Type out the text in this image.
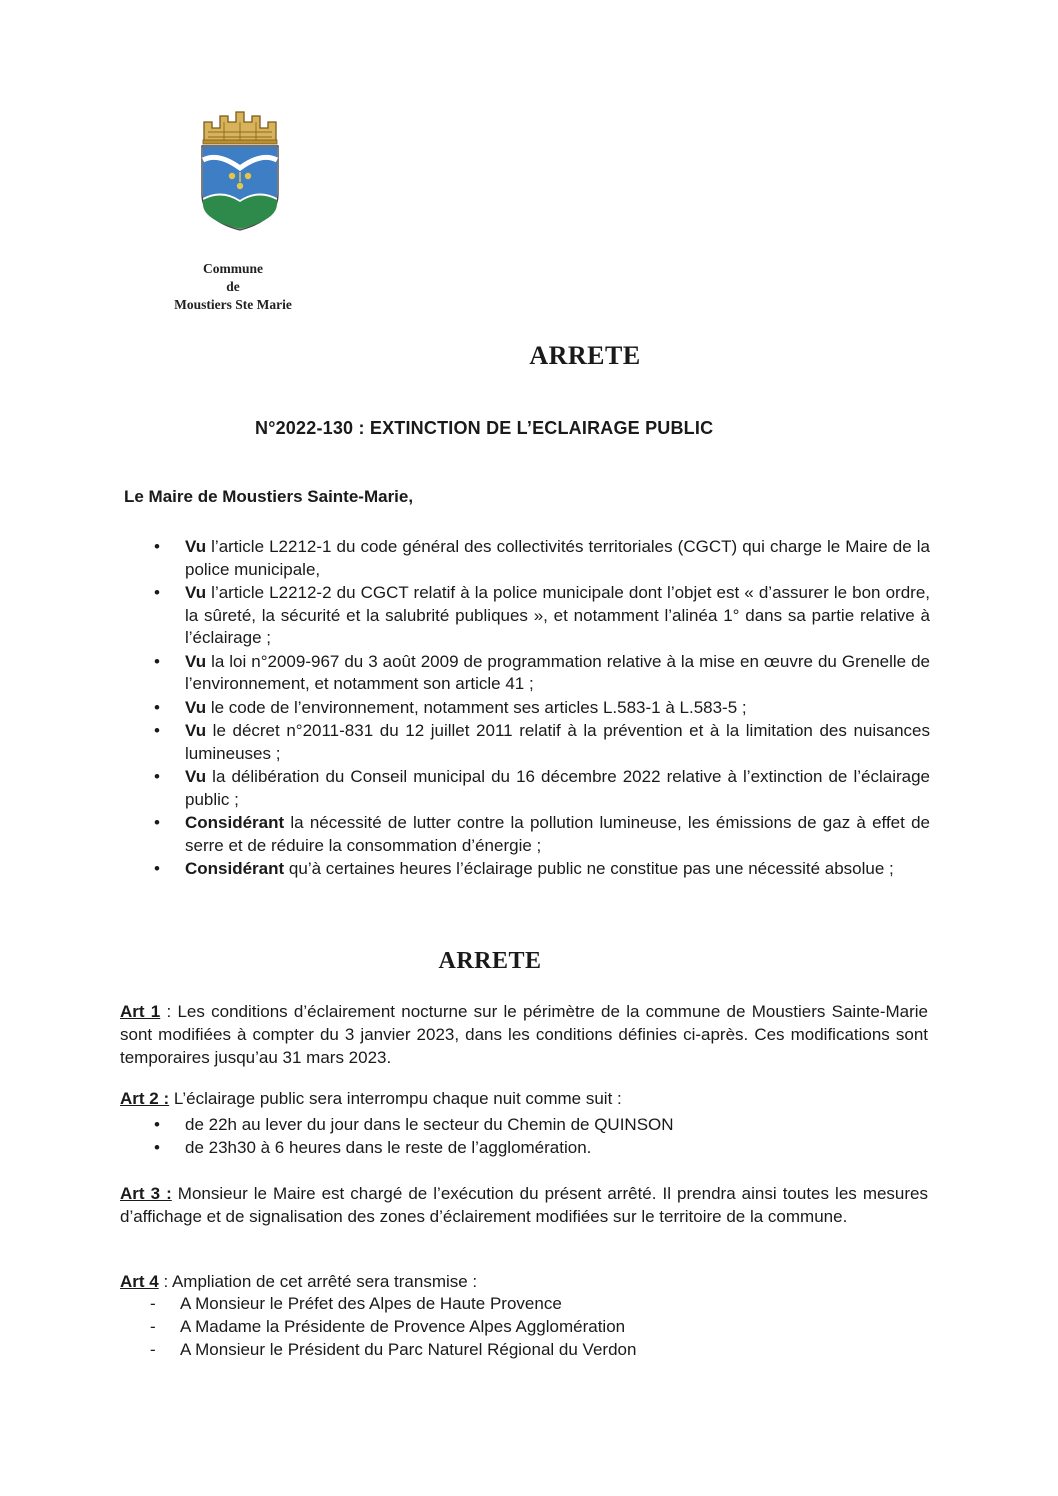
Commune
de
Moustiers Ste Marie
ARRETE
N°2022-130 : EXTINCTION DE L’ECLAIRAGE PUBLIC
Le Maire de Moustiers Sainte-Marie,
• Vu l’article L2212-1 du code général des collectivités territoriales (CGCT) qui charge le Maire de la police municipale,
• Vu l’article L2212-2 du CGCT relatif à la police municipale dont l’objet est « d’assurer le bon ordre, la sûreté, la sécurité et la salubrité publiques », et notamment l’alinéa 1° dans sa partie relative à l’éclairage ;
• Vu la loi n°2009-967 du 3 août 2009 de programmation relative à la mise en œuvre du Grenelle de l’environnement, et notamment son article 41 ;
• Vu le code de l’environnement, notamment ses articles L.583-1 à L.583-5 ;
• Vu le décret n°2011-831 du 12 juillet 2011 relatif à la prévention et à la limitation des nuisances lumineuses ;
• Vu la délibération du Conseil municipal du 16 décembre 2022 relative à l’extinction de l’éclairage public ;
• Considérant la nécessité de lutter contre la pollution lumineuse, les émissions de gaz à effet de serre et de réduire la consommation d’énergie ;
• Considérant qu’à certaines heures l’éclairage public ne constitue pas une nécessité absolue ;
ARRETE
Art 1 : Les conditions d’éclairement nocturne sur le périmètre de la commune de Moustiers Sainte-Marie sont modifiées à compter du 3 janvier 2023, dans les conditions définies ci-après. Ces modifications sont temporaires jusqu’au 31 mars 2023.
Art 2 : L’éclairage public sera interrompu chaque nuit comme suit :
• de 22h au lever du jour dans le secteur du Chemin de QUINSON
• de 23h30 à 6 heures dans le reste de l’agglomération.
Art 3 : Monsieur le Maire est chargé de l’exécution du présent arrêté. Il prendra ainsi toutes les mesures d’affichage et de signalisation des zones d’éclairement modifiées sur le territoire de la commune.
Art 4 : Ampliation de cet arrêté sera transmise :
- A Monsieur le Préfet des Alpes de Haute Provence
- A Madame la Présidente de Provence Alpes Agglomération
- A Monsieur le Président du Parc Naturel Régional du Verdon
